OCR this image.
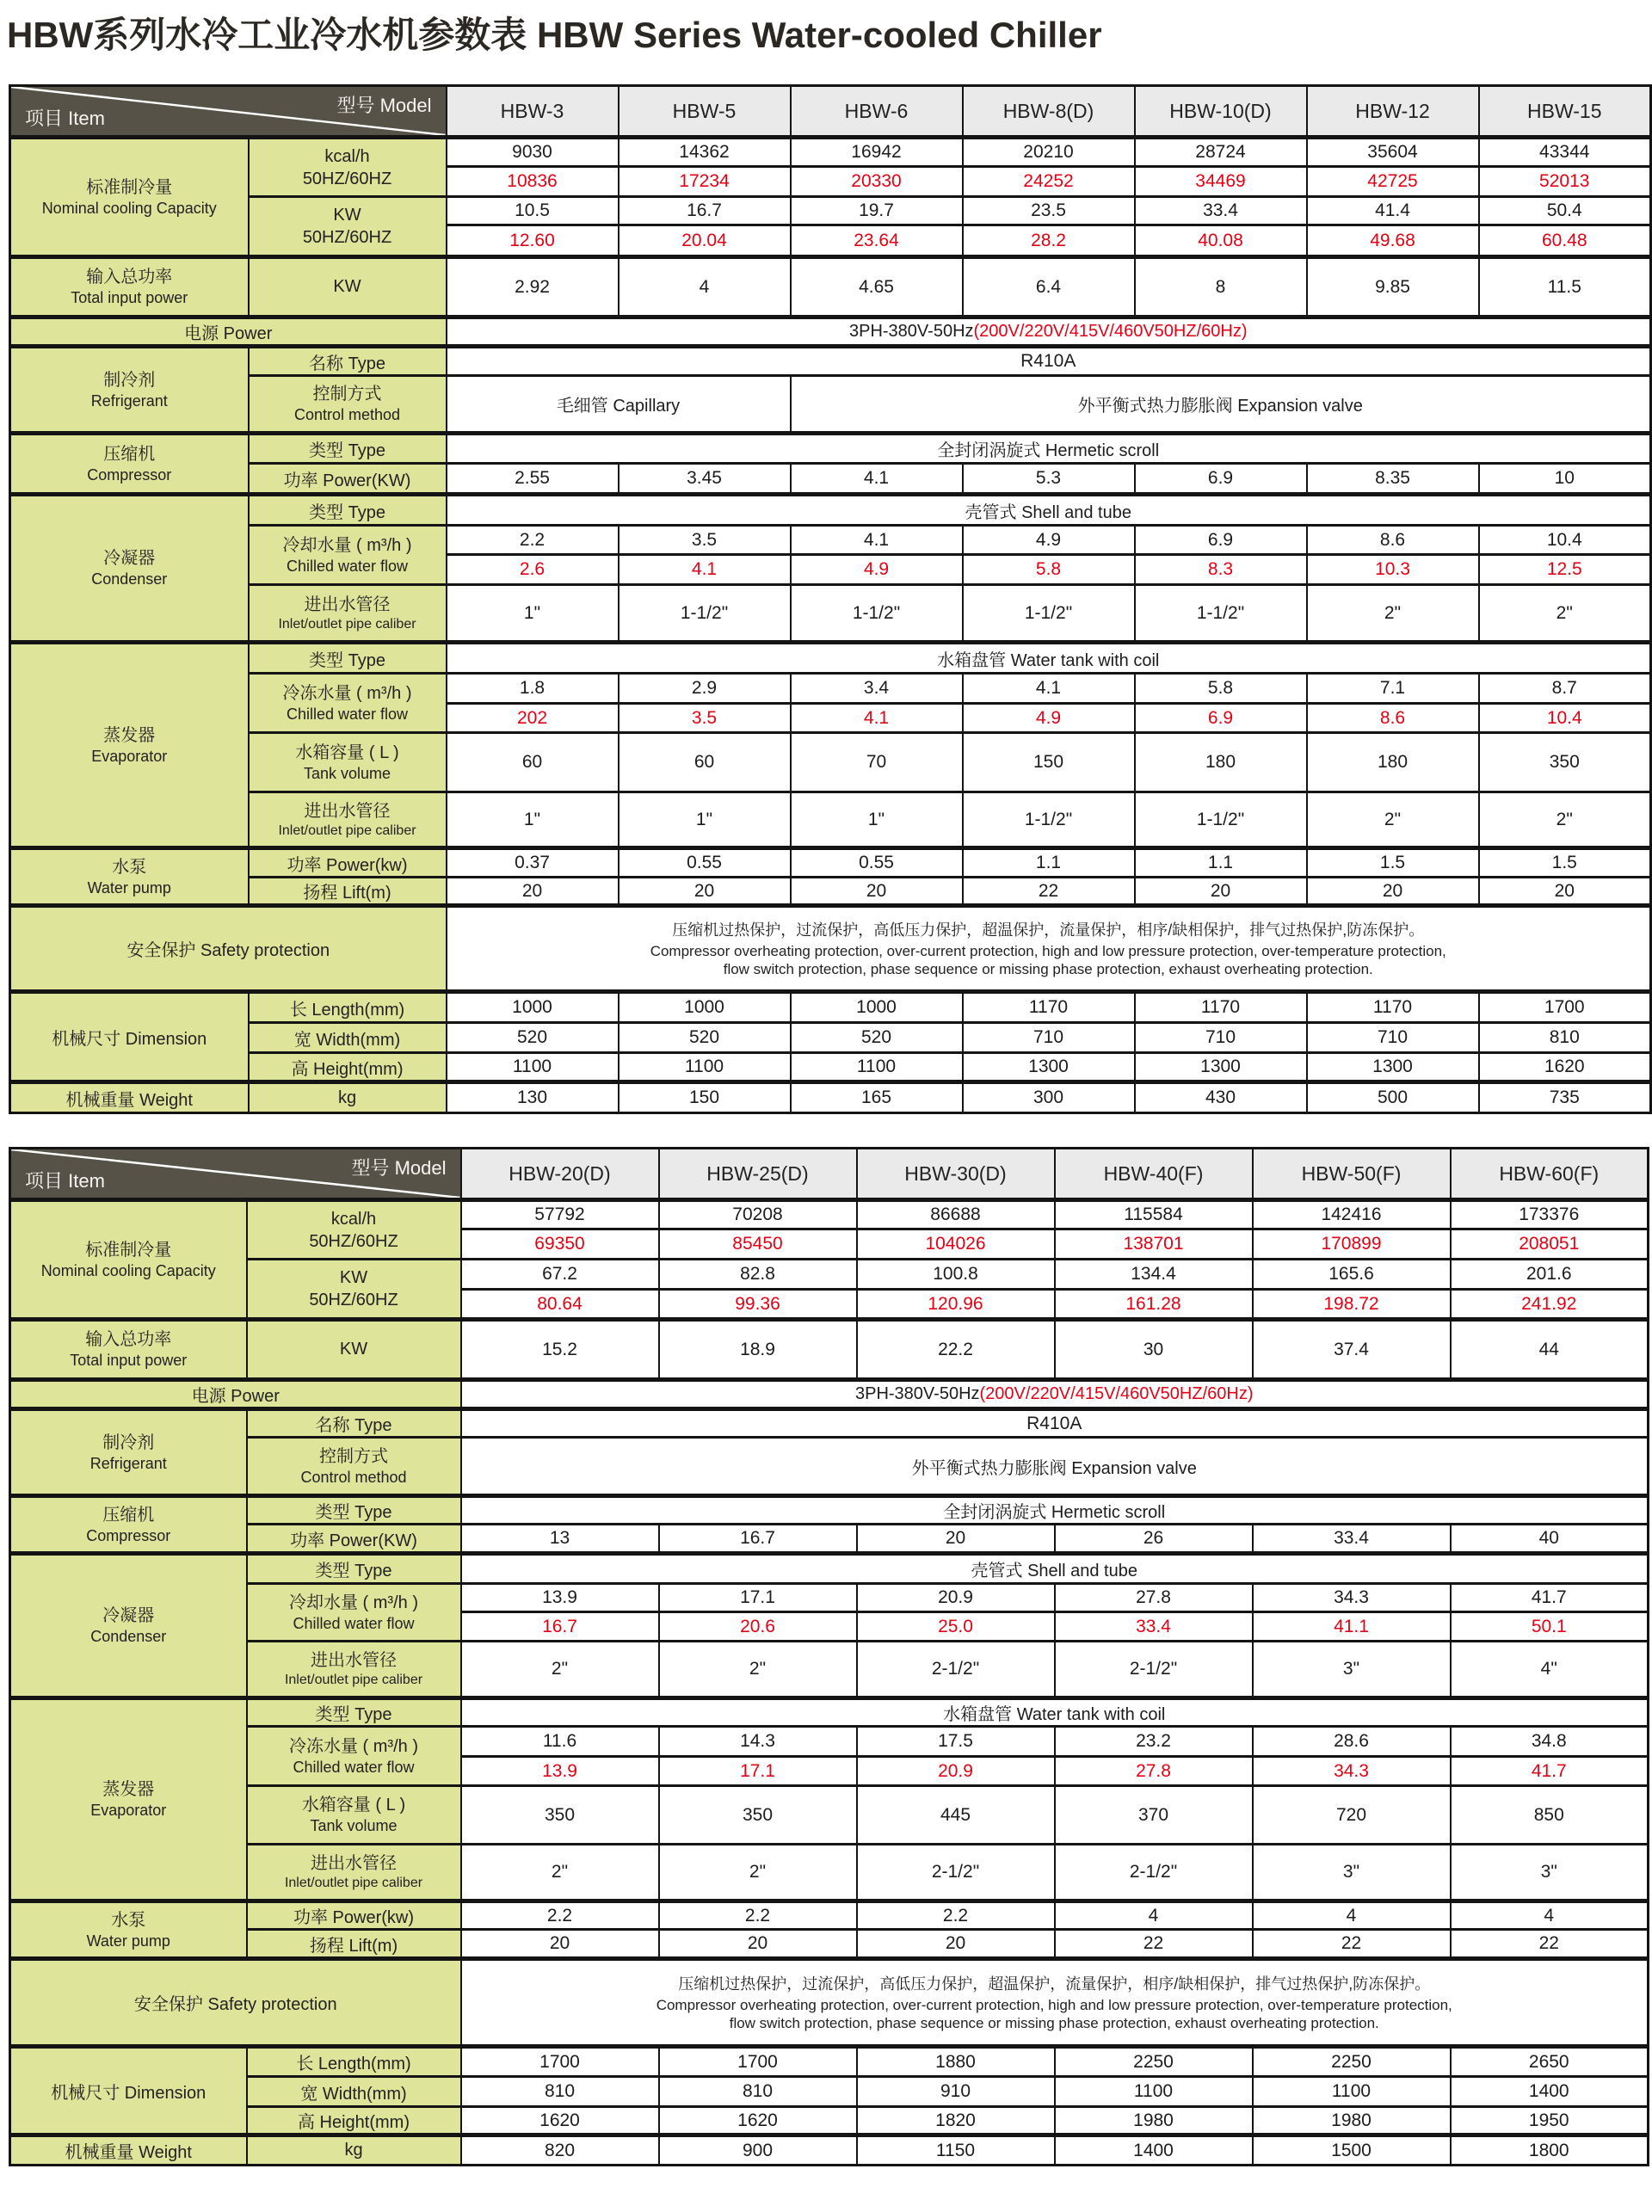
HBW系列水冷工业冷水机参数表 HBW Series Water-cooled Chiller
型号 Model
项目 Item		HBW-3	HBW-5	HBW-6	HBW-8(D)	HBW-10(D)	HBW-12	HBW-15

标准制冷量
Nominal cooling Capacity

kcal/h
50HZ/60HZ
	9030	14362	16942	20210	28724	35604	43344
		10836	17234	20330	24252	34469	42725	52013

	KW
50HZ/60HZ	10.5	16.7	19.7	23.5	33.4	41.4	50.4
		12.60	20.04	23.64	28.2	40.08	49.68	60.48

输入总功率
Total input power	KW	2.92	4	4.65	6.4	8	9.85	11.5
电源 Power		3PH-380V-50Hz(200V/220V/415V/460V50HZ/60Hz)						

制冷剂
Refrigerant	名称 Type	R410A						

	控制方式
Control method	毛细管 Capillary		外平衡式热力膨胀阀 Expansion valve				

压缩机
Compressor	类型 Type	全封闭涡旋式 Hermetic scroll						
	功率 Power(KW)	2.55	3.45	4.1	5.3	6.9	8.35	10

冷凝器
Condenser	类型 Type	壳管式 Shell and tube						

	冷却水量 ( m³/h )
Chilled water flow	2.2	3.5	4.1	4.9	6.9	8.6	10.4
		2.6	4.1	4.9	5.8	8.3	10.3	12.5

	进出水管径
Inlet/outlet pipe caliber	1"	1-1/2"	1-1/2"	1-1/2"	1-1/2"	2"	2"

蒸发器
Evaporator	类型 Type	水箱盘管 Water tank with coil						

	冷冻水量 ( m³/h )
Chilled water flow	1.8	2.9	3.4	4.1	5.8	7.1	8.7
		202	3.5	4.1	4.9	6.9	8.6	10.4

	水箱容量 ( L )
Tank volume	60	60	70	150	180	180	350

	进出水管径
Inlet/outlet pipe caliber	1"	1"	1"	1-1/2"	1-1/2"	2"	2"

水泵
Water pump	功率 Power(kw)	0.37	0.55	0.55	1.1	1.1	1.5	1.5
	扬程 Lift(m)	20	20	20	22	20	20	20
安全保护 Safety protection		压缩机过热保护，过流保护，高低压力保护，超温保护，流量保护，相序/缺相保护，排气过热保护,防冻保护。
Compressor overheating protection, over-current protection, high and low pressure protection, over-temperature protection,
flow switch protection, phase sequence or missing phase protection, exhaust overheating protection.						

机械尺寸 Dimension	长 Length(mm)	1000	1000	1000	1170	1170	1170	1700
	宽 Width(mm)	520	520	520	710	710	710	810
	高 Height(mm)	1100	1100	1100	1300	1300	1300	1620
机械重量 Weight	kg	130	150	165	300	430	500	735
型号 Model
项目 Item		HBW-20(D)	HBW-25(D)	HBW-30(D)	HBW-40(F)	HBW-50(F)	HBW-60(F)

标准制冷量
Nominal cooling Capacity

kcal/h
50HZ/60HZ
	57792	70208	86688	115584	142416	173376
		69350	85450	104026	138701	170899	208051

	KW
50HZ/60HZ	67.2	82.8	100.8	134.4	165.6	201.6
		80.64	99.36	120.96	161.28	198.72	241.92

输入总功率
Total input power	KW	15.2	18.9	22.2	30	37.4	44
电源 Power		3PH-380V-50Hz(200V/220V/415V/460V50HZ/60Hz)					

制冷剂
Refrigerant	名称 Type	R410A					

	控制方式
Control method	外平衡式热力膨胀阀 Expansion valve					

压缩机
Compressor	类型 Type	全封闭涡旋式 Hermetic scroll					
	功率 Power(KW)	13	16.7	20	26	33.4	40

冷凝器
Condenser	类型 Type	壳管式 Shell and tube					

	冷却水量 ( m³/h )
Chilled water flow	13.9	17.1	20.9	27.8	34.3	41.7
		16.7	20.6	25.0	33.4	41.1	50.1

	进出水管径
Inlet/outlet pipe caliber	2"	2"	2-1/2"	2-1/2"	3"	4"

蒸发器
Evaporator	类型 Type	水箱盘管 Water tank with coil					

	冷冻水量 ( m³/h )
Chilled water flow	11.6	14.3	17.5	23.2	28.6	34.8
		13.9	17.1	20.9	27.8	34.3	41.7

	水箱容量 ( L )
Tank volume	350	350	445	370	720	850

	进出水管径
Inlet/outlet pipe caliber	2"	2"	2-1/2"	2-1/2"	3"	3"

水泵
Water pump	功率 Power(kw)	2.2	2.2	2.2	4	4	4
	扬程 Lift(m)	20	20	20	22	22	22
安全保护 Safety protection		压缩机过热保护，过流保护，高低压力保护，超温保护，流量保护，相序/缺相保护，排气过热保护,防冻保护。
Compressor overheating protection, over-current protection, high and low pressure protection, over-temperature protection,
flow switch protection, phase sequence or missing phase protection, exhaust overheating protection.					

机械尺寸 Dimension	长 Length(mm)	1700	1700	1880	2250	2250	2650
	宽 Width(mm)	810	810	910	1100	1100	1400
	高 Height(mm)	1620	1620	1820	1980	1980	1950
机械重量 Weight	kg	820	900	1150	1400	1500	1800
